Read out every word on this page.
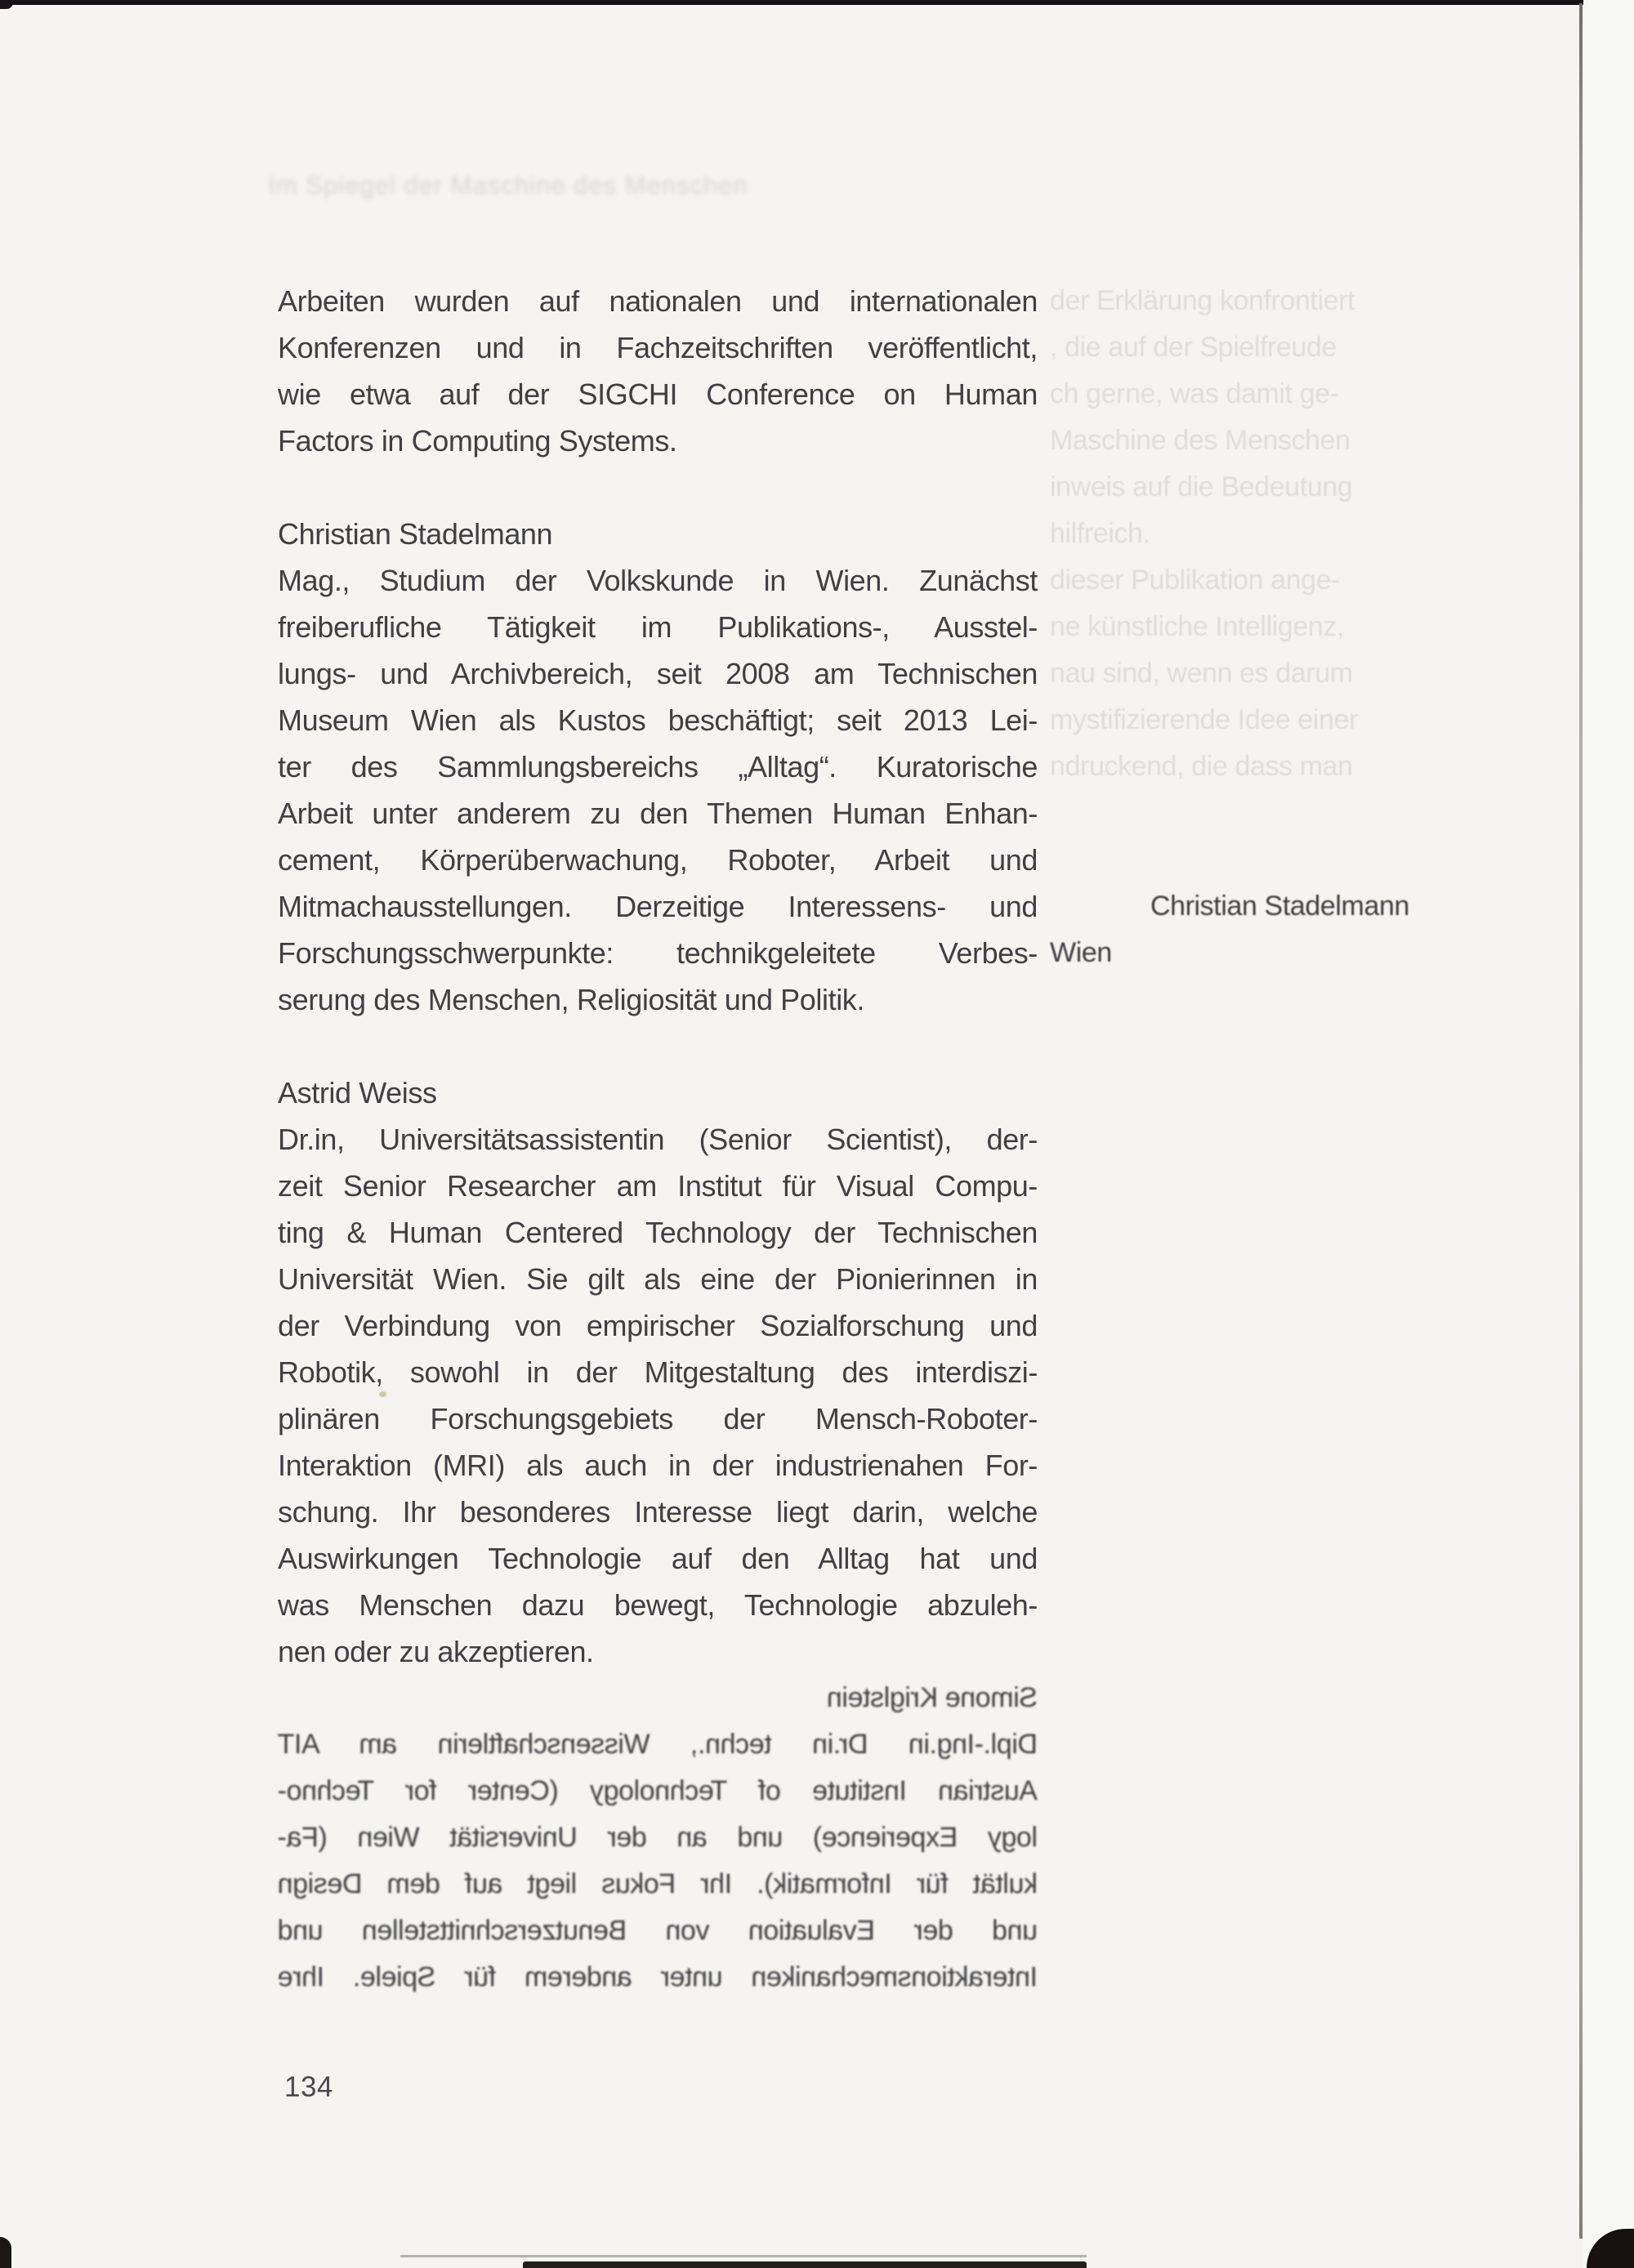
Im Spiegel der Maschine des Menschen
Arbeiten wurden auf nationalen und internationalen
Konferenzen und in Fachzeitschriften veröffentlicht,
wie etwa auf der SIGCHI Conference on Human
Factors in Computing Systems.
Christian Stadelmann
Mag., Studium der Volkskunde in Wien. Zunächst
freiberufliche Tätigkeit im Publikations-, Ausstel-
lungs- und Archivbereich, seit 2008 am Technischen
Museum Wien als Kustos beschäftigt; seit 2013 Lei-
ter des Sammlungsbereichs „Alltag“. Kuratorische
Arbeit unter anderem zu den Themen Human Enhan-
cement, Körperüberwachung, Roboter, Arbeit und
Mitmachausstellungen. Derzeitige Interessens- und
Forschungsschwerpunkte: technikgeleitete Verbes-
serung des Menschen, Religiosität und Politik.
Astrid Weiss
Dr.in, Universitätsassistentin (Senior Scientist), der-
zeit Senior Researcher am Institut für Visual Compu-
ting & Human Centered Technology der Technischen
Universität Wien. Sie gilt als eine der Pionierinnen in
der Verbindung von empirischer Sozialforschung und
Robotik, sowohl in der Mitgestaltung des interdiszi-
plinären Forschungsgebiets der Mensch-Roboter-
Interaktion (MRI) als auch in der industrienahen For-
schung. Ihr besonderes Interesse liegt darin, welche
Auswirkungen Technologie auf den Alltag hat und
was Menschen dazu bewegt, Technologie abzuleh-
nen oder zu akzeptieren.
der Erklärung konfrontiert
, die auf der Spielfreude
ch gerne, was damit ge-
Maschine des Menschen
inweis auf die Bedeutung
hilfreich.
dieser Publikation ange-
ne künstliche Intelligenz,
nau sind, wenn es darum
mystifizierende Idee einer
ndruckend, die dass man
Christian Stadelmann
Wien
Simone Kriglstein
Dipl.-Ing.in Dr.in techn., Wissenschaftlerin am AIT
Austrian Institute of Technology (Center for Techno-
logy Experience) und an der Universität Wien (Fa-
kultät für Informatik). Ihr Fokus liegt auf dem Design
und der Evaluation von Benutzerschnittstellen und
Interaktionsmechaniken unter anderem für Spiele. Ihre
134
